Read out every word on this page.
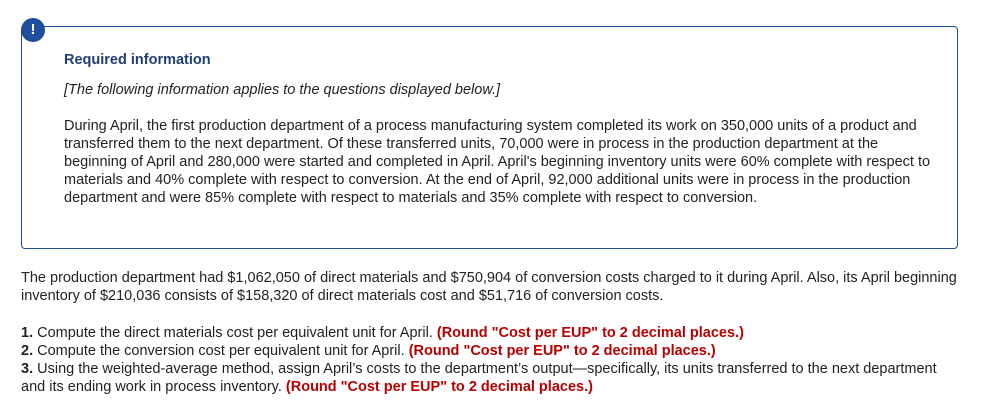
Required information
[The following information applies to the questions displayed below.]

During April, the first production department of a process manufacturing system completed its work on 350,000 units of a product and transferred them to the next department. Of these transferred units, 70,000 were in process in the production department at the beginning of April and 280,000 were started and completed in April. April's beginning inventory units were 60% complete with respect to materials and 40% complete with respect to conversion. At the end of April, 92,000 additional units were in process in the production department and were 85% complete with respect to materials and 35% complete with respect to conversion.

!

The production department had $1,062,050 of direct materials and $750,904 of conversion costs charged to it during April. Also, its April beginning inventory of $210,036 consists of $158,320 of direct materials cost and $51,716 of conversion costs.

1. Compute the direct materials cost per equivalent unit for April. (Round "Cost per EUP" to 2 decimal places.)
2. Compute the conversion cost per equivalent unit for April. (Round "Cost per EUP" to 2 decimal places.)
3. Using the weighted-average method, assign April’s costs to the department’s output—specifically, its units transferred to the next department and its ending work in process inventory. (Round "Cost per EUP" to 2 decimal places.)
